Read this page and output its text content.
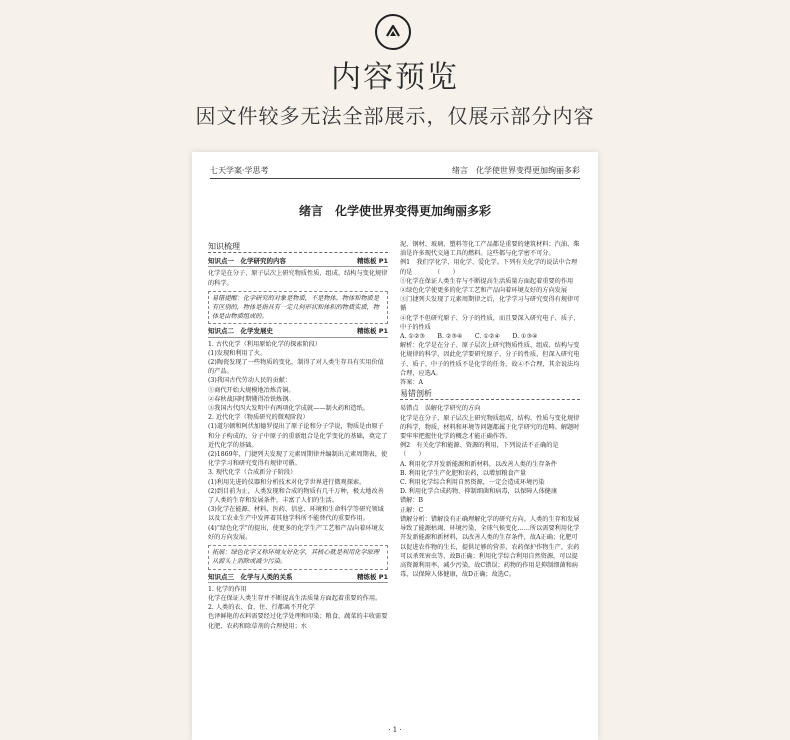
内容预览
因文件较多无法全部展示，仅展示部分内容
七天学案·学思考	绪言　化学使世界变得更加绚丽多彩
绪言　化学使世界变得更加绚丽多彩
知识梳理
知识点一　化学研究的内容	精练板 P1
化学是在分子、原子层次上研究物质性质、组成、结构与变化规律的科学。
易错提醒：化学研究的对象是物质，不是物体。物体和物质是有区别的，物体是指具有一定几何形状和体积的物质实质，物体是由物质组成的。
知识点二　化学发展史	精练板 P1
1. 古代化学（利用原始化学的探索阶段）
(1)发现和利用了火。
(2)陶瓷发现了一些物质的变化，制得了对人类生存具有实用价值的产品。
(3)我国古代劳动人民的贡献：
①商代开始大规模地冶炼青铜。
②春秋战国时期懂得冶铁炼钢。
③我国古代四大发明中有两项化学成就——制火药和造纸。
2. 近代化学（物质研究的微观阶段）
(1)道尔顿和阿伏加德罗提出了原子论和分子学说，物质是由原子和分子构成的，分子中原子的重新组合是化学变化的基础，奠定了近代化学的基础。
(2)1869年，门捷列夫发现了元素周期律并编制出元素周期表，使化学学习和研究变得有规律可循。
3. 现代化学（合成新分子阶段）
(1)利用先进的仪器和分析技术对化学世界进行微观探索。
(2)到目前为止，人类发现和合成的物质有几千万种，极大地改善了人类的生存和发展条件，丰富了人们的生活。
(3)化学在能源、材料、医药、信息、环境和生命科学等研究领域以及工农业生产中发挥着其他学科所不能替代的重要作用。
(4)“绿色化学”的提出，使更多的化学生产工艺和产品向着环境友好的方向发展。
拓展：绿色化学又称环境友好化学，其核心就是利用化学原理从源头上消除或减少污染。
知识点三　化学与人类的关系	精练板 P1
1. 化学的作用
化学在保证人类生存并不断提高生活质量方面起着重要的作用。
2. 人类的衣、食、住、行都离不开化学
色泽鲜艳的衣料需要经过化学处理和印染；粮食、蔬菜的丰收需要化肥、农药和除草剂的合理使用；水
泥、钢材、玻璃、塑料等化工产品都是重要的建筑材料；汽油、柴油是许多现代交通工具的燃料。这些都与化学密不可分。
例1　我们学化学、用化学、爱化学。下列有关化学的说法中合理的是　　　　（　　）
①化学在保证人类生存与不断提高生活质量方面起着重要的作用
②绿色化学使更多的化学工艺和产品向着环境友好的方向发展
③门捷列夫发现了元素周期律之后，化学学习与研究变得有规律可循
④化学不但研究原子、分子的性质，而且要深入研究电子、质子、中子的性质
A. ①②③　　B. ②③④　　C. ①②④　　D. ①③④
解析：化学是在分子、原子层次上研究物质性质、组成、结构与变化规律的科学，因此化学要研究原子、分子的性质，但深入研究电子、质子、中子的性质不是化学的任务，故④不合理，其余说法均合理，应选A。
答案：A
易错剖析
易错点　误解化学研究的方向
化学是在分子、原子层次上研究物质组成、结构、性质与变化规律的科学，物质、材料和环境等问题都属于化学研究的范畴。解题时要牢牢把握住化学的概念才能正确作答。
例2　有关化学和能源、资源的利用，下列说法不正确的是　　　　　（　　）
A. 利用化学开发新能源和新材料，以改善人类的生存条件
B. 利用化学生产化肥和农药，以增加粮食产量
C. 利用化学综合利用自然资源，一定会造成环境污染
D. 利用化学合成药物，抑制细菌和病毒，以保障人体健康
错解：B
正解：C
错解分析：错解没有正确理解化学的研究方向。人类的生存和发展导致了能源枯竭、环境污染、全球气候变化……所以需要利用化学开发新能源和新材料，以改善人类的生存条件，故A正确；化肥可以促进农作物的生长，提供足够的营养，农药保护作物生产，农药可以杀死害虫等，故B正确；利用化学综合利用自然资源，可以提高资源利用率，减少污染，故C错误；药物的作用是抑制细菌和病毒，以保障人体健康，故D正确；故选C。
· 1 ·
